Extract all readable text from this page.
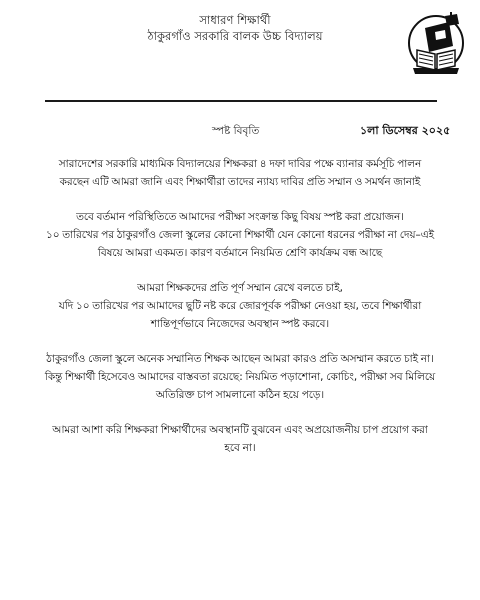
সাধারণ শিক্ষার্থী
ঠাকুরগাঁও সরকারি বালক উচ্চ বিদ্যালয়
স্পষ্ট বিবৃতি	১লা ডিসেম্বর ২০২৫

সারাদেশের সরকারি মাধ্যমিক বিদ্যালয়ের শিক্ষকরা ৪ দফা দাবির পক্ষে ব্যানার কর্মসূচি পালন
করছেন এটি আমরা জানি এবং শিক্ষার্থীরা তাদের ন্যায্য দাবির প্রতি সম্মান ও সমর্থন জানাই

তবে বর্তমান পরিস্থিতিতে আমাদের পরীক্ষা সংক্রান্ত কিছু বিষয় স্পষ্ট করা প্রয়োজন।
১০ তারিখের পর ঠাকুরগাঁও জেলা স্কুলের কোনো শিক্ষার্থী যেন কোনো ধরনের পরীক্ষা না দেয়–এই
বিষয়ে আমরা একমত। কারণ বর্তমানে নিয়মিত শ্রেণি কার্যক্রম বন্ধ আছে

আমরা শিক্ষকদের প্রতি পূর্ণ সম্মান রেখে বলতে চাই,
যদি ১০ তারিখের পর আমাদের ছুটি নষ্ট করে জোরপূর্বক পরীক্ষা নেওয়া হয়, তবে শিক্ষার্থীরা
শান্তিপূর্ণভাবে নিজেদের অবস্থান স্পষ্ট করবে।

ঠাকুরগাঁও জেলা স্কুলে অনেক সম্মানিত শিক্ষক আছেন আমরা কারও প্রতি অসম্মান করতে চাই না।
কিন্তু শিক্ষার্থী হিসেবেও আমাদের বাস্তবতা রয়েছে: নিয়মিত পড়াশোনা, কোচিং, পরীক্ষা সব মিলিয়ে
অতিরিক্ত চাপ সামলানো কঠিন হয়ে পড়ে।

আমরা আশা করি শিক্ষকরা শিক্ষার্থীদের অবস্থানটি বুঝবেন এবং অপ্রয়োজনীয় চাপ প্রয়োগ করা
হবে না।
